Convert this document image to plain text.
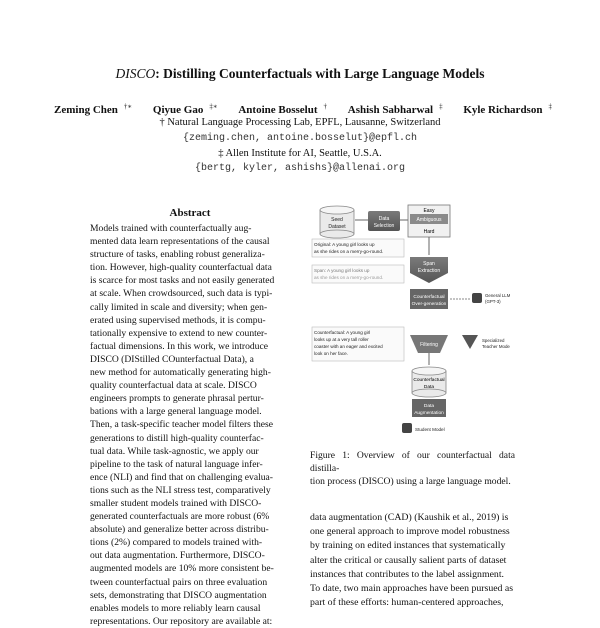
DISCO: Distilling Counterfactuals with Large Language Models
Zeming Chen †∗ Qiyue Gao ‡∗ Antoine Bosselut † Ashish Sabharwal ‡ Kyle Richardson ‡
† Natural Language Processing Lab, EPFL, Lausanne, Switzerland
{zeming.chen, antoine.bosselut}@epfl.ch
‡ Allen Institute for AI, Seattle, U.S.A.
{bertg, kyler, ashishs}@allenai.org
Abstract
Models trained with counterfactually aug-
mented data learn representations of the causal
structure of tasks, enabling robust generaliza-
tion. However, high-quality counterfactual data
is scarce for most tasks and not easily generated
at scale. When crowdsourced, such data is typi-
cally limited in scale and diversity; when gen-
erated using supervised methods, it is compu-
tationally expensive to extend to new counter-
factual dimensions. In this work, we introduce
DISCO (DIStilled COunterfactual Data), a
new method for automatically generating high-
quality counterfactual data at scale. DISCO
engineers prompts to generate phrasal pertur-
bations with a large general language model.
Then, a task-specific teacher model filters these
generations to distill high-quality counterfac-
tual data. While task-agnostic, we apply our
pipeline to the task of natural language infer-
ence (NLI) and find that on challenging evalua-
tions such as the NLI stress test, comparatively
smaller student models trained with DISCO-
generated counterfactuals are more robust (6%
absolute) and generalize better across distribu-
tions (2%) compared to models trained with-
out data augmentation. Furthermore, DISCO-
augmented models are 10% more consistent be-
tween counterfactual pairs on three evaluation
sets, demonstrating that DISCO augmentation
enables models to more reliably learn causal
representations. Our repository are available at:
Seed
Dataset
Data
Selection
Easy
Ambiguous
Hard
Original: A young girl looks up
as she rides on a merry-go-round.
Span: A young girl looks up
as she rides on a merry-go-round.
Span
Extraction
Counterfactual
Over-generation
General LLM
(GPT-3)
Counterfactual: A young girl
looks up at a very tall roller
coaster with an eager and excited
look on her face.
Filtering
Specialized
Teacher Model
Counterfactual
Data
Data
Augmentation
Student Model
Figure 1: Overview of our counterfactual data distilla-
tion process (DISCO) using a large language model.
data augmentation (CAD) (Kaushik et al., 2019) is
one general approach to improve model robustness
by training on edited instances that systematically
alter the critical or causally salient parts of dataset
instances that contributes to the label assignment.
To date, two main approaches have been pursued as
part of these efforts: human-centered approaches,
